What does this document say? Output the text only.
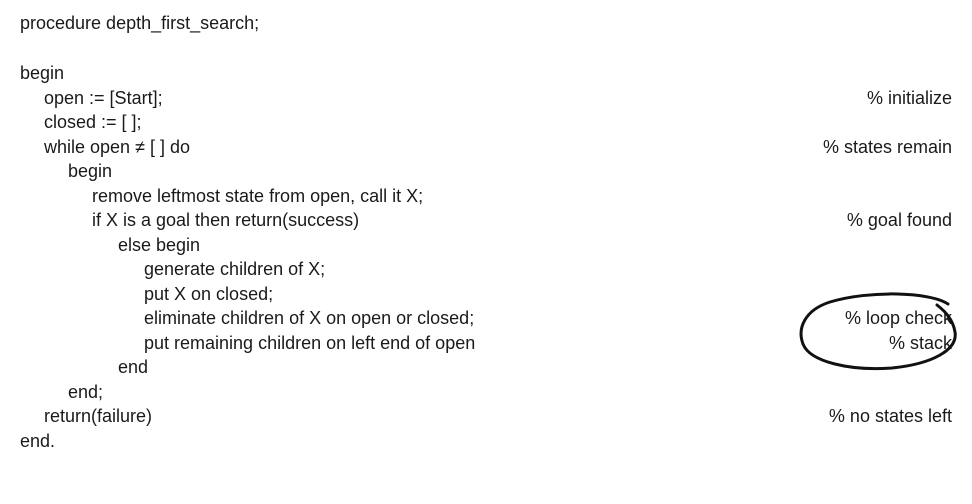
procedure depth_first_search;
begin
open := [Start];
closed := [ ];
while open ≠ [ ] do
begin
remove leftmost state from open, call it X;
if X is a goal then return(success)
else begin
generate children of X;
put X on closed;
eliminate children of X on open or closed;
put remaining children on left end of open
end
end;
return(failure)
end.
% initialize
% states remain
% goal found
% loop check
% stack
% no states left
